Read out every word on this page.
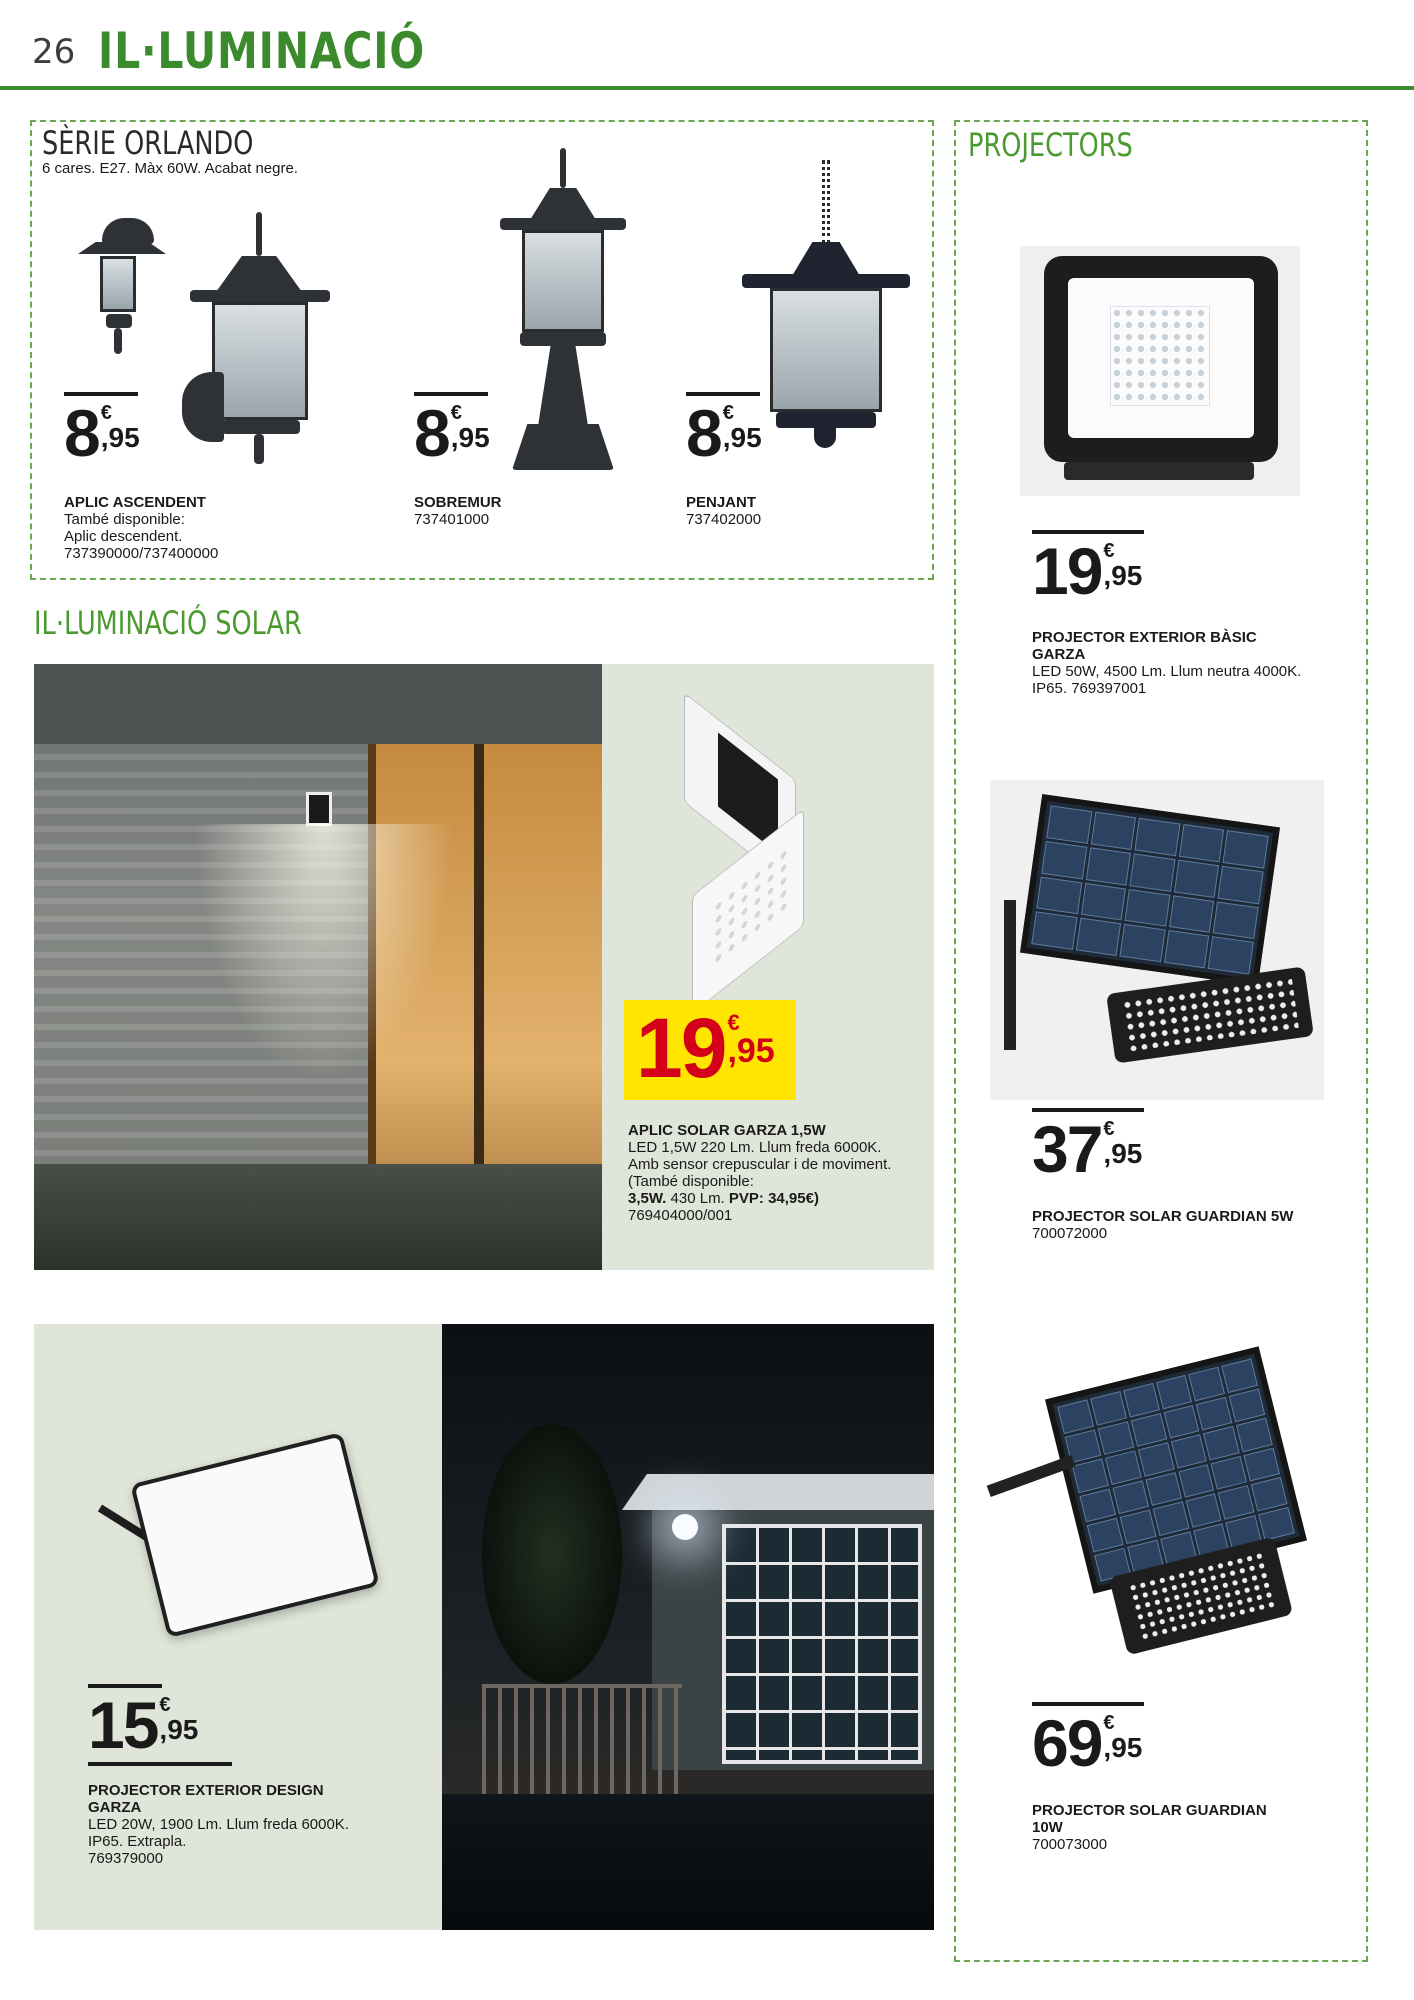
26 IL·LUMINACIÓ
SÈRIE ORLANDO
6 cares. E27. Màx 60W. Acabat negre.
8 €
,95
APLIC ASCENDENT
També disponible:
Aplic descendent.
737390000/737400000
8 €
,95
SOBREMUR
737401000
8 €
,95
PENJANT
737402000
IL·LUMINACIÓ SOLAR
19 €
,95
APLIC SOLAR GARZA 1,5W
LED 1,5W 220 Lm. Llum freda 6000K.
Amb sensor crepuscular i de moviment.
(També disponible:
3,5W. 430 Lm. PVP: 34,95€)
769404000/001
15 €
,95
PROJECTOR EXTERIOR DESIGN
GARZA
LED 20W, 1900 Lm. Llum freda 6000K.
IP65. Extrapla.
769379000
PROJECTORS
19 €
,95
PROJECTOR EXTERIOR BÀSIC
GARZA
LED 50W, 4500 Lm. Llum neutra 4000K.
IP65. 769397001
37 €
,95
PROJECTOR SOLAR GUARDIAN 5W
700072000
69 €
,95
PROJECTOR SOLAR GUARDIAN
10W
700073000
